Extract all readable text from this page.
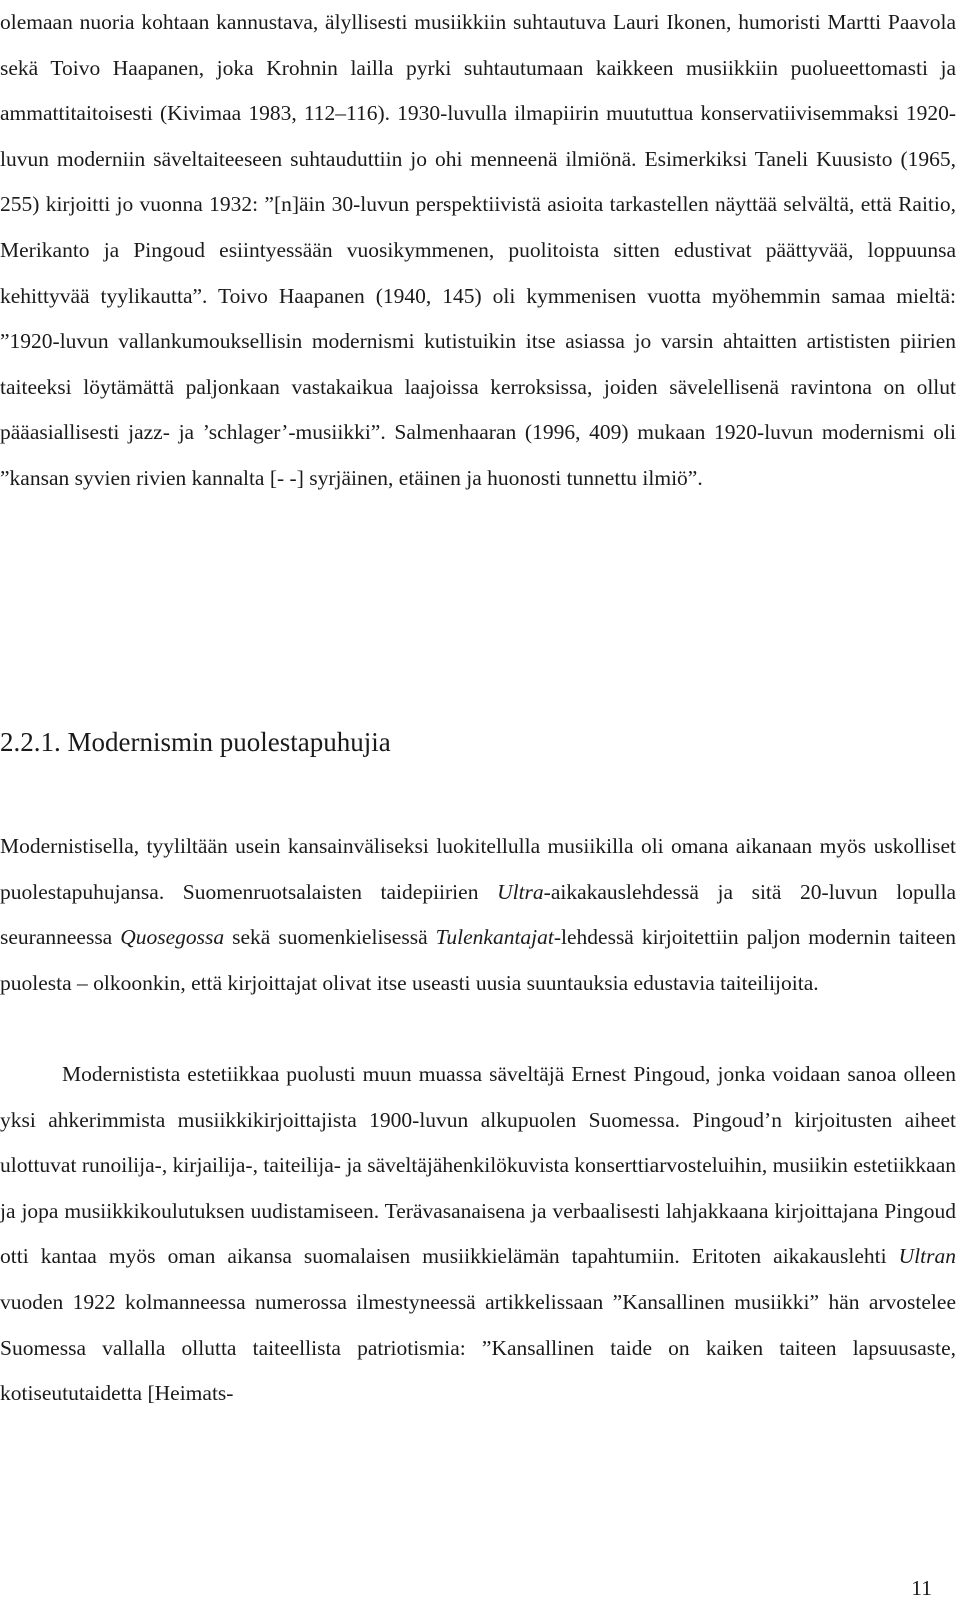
olemaan nuoria kohtaan kannustava, älyllisesti musiikkiin suhtautuva Lauri Ikonen, humoristi Martti Paavola sekä Toivo Haapanen, joka Krohnin lailla pyrki suhtautumaan kaikkeen musiikkiin puolueettomasti ja ammattitaitoisesti (Kivimaa 1983, 112–116). 1930-luvulla ilmapiirin muututtua konservatiivisemmaksi 1920-luvun moderniin säveltaiteeseen suhtauduttiin jo ohi menneenä ilmiönä. Esimerkiksi Taneli Kuusisto (1965, 255) kirjoitti jo vuonna 1932: ”[n]äin 30-luvun perspektiivistä asioita tarkastellen näyttää selvältä, että Raitio, Merikanto ja Pingoud esiintyessään vuosikymmenen, puolitoista sitten edustivat päättyvää, loppuunsa kehittyvää tyylikautta”. Toivo Haapanen (1940, 145) oli kymmenisen vuotta myöhemmin samaa mieltä: ”1920-luvun vallankumouksellisin modernismi kutistuikin itse asiassa jo varsin ahtaitten artististen piirien taiteeksi löytämättä paljonkaan vastakaikua laajoissa kerroksissa, joiden sävelellisenä ravintona on ollut pääasiallisesti jazz- ja ’schlager’-musiikki”. Salmenhaaran (1996, 409) mukaan 1920-luvun modernismi oli ”kansan syvien rivien kannalta [- -] syrjäinen, etäinen ja huonosti tunnettu ilmiö”.

2.2.1. Modernismin puolestapuhujia

Modernistisella, tyyliltään usein kansainväliseksi luokitellulla musiikilla oli omana aikanaan myös uskolliset puolestapuhujansa. Suomenruotsalaisten taidepiirien Ultra-aikakauslehdessä ja sitä 20-luvun lopulla seuranneessa Quosegossa sekä suomenkielisessä Tulenkantajat-lehdessä kirjoitettiin paljon modernin taiteen puolesta – olkoonkin, että kirjoittajat olivat itse useasti uusia suuntauksia edustavia taiteilijoita.

Modernistista estetiikkaa puolusti muun muassa säveltäjä Ernest Pingoud, jonka voidaan sanoa olleen yksi ahkerimmista musiikkikirjoittajista 1900-luvun alkupuolen Suomessa. Pingoud’n kirjoitusten aiheet ulottuvat runoilija-, kirjailija-, taiteilija- ja säveltäjähenkilökuvista konserttiarvosteluihin, musiikin estetiikkaan ja jopa musiikkikoulutuksen uudistamiseen. Terävasanaisena ja verbaalisesti lahjakkaana kirjoittajana Pingoud otti kantaa myös oman aikansa suomalaisen musiikkielämän tapahtumiin. Eritoten aikakauslehti Ultran vuoden 1922 kolmanneessa numerossa ilmestyneessä artikkelissaan ”Kansallinen musiikki” hän arvostelee Suomessa vallalla ollutta taiteellista patriotismia: ”Kansallinen taide on kaiken taiteen lapsuusaste, kotiseututaidetta [Heimats-

11
